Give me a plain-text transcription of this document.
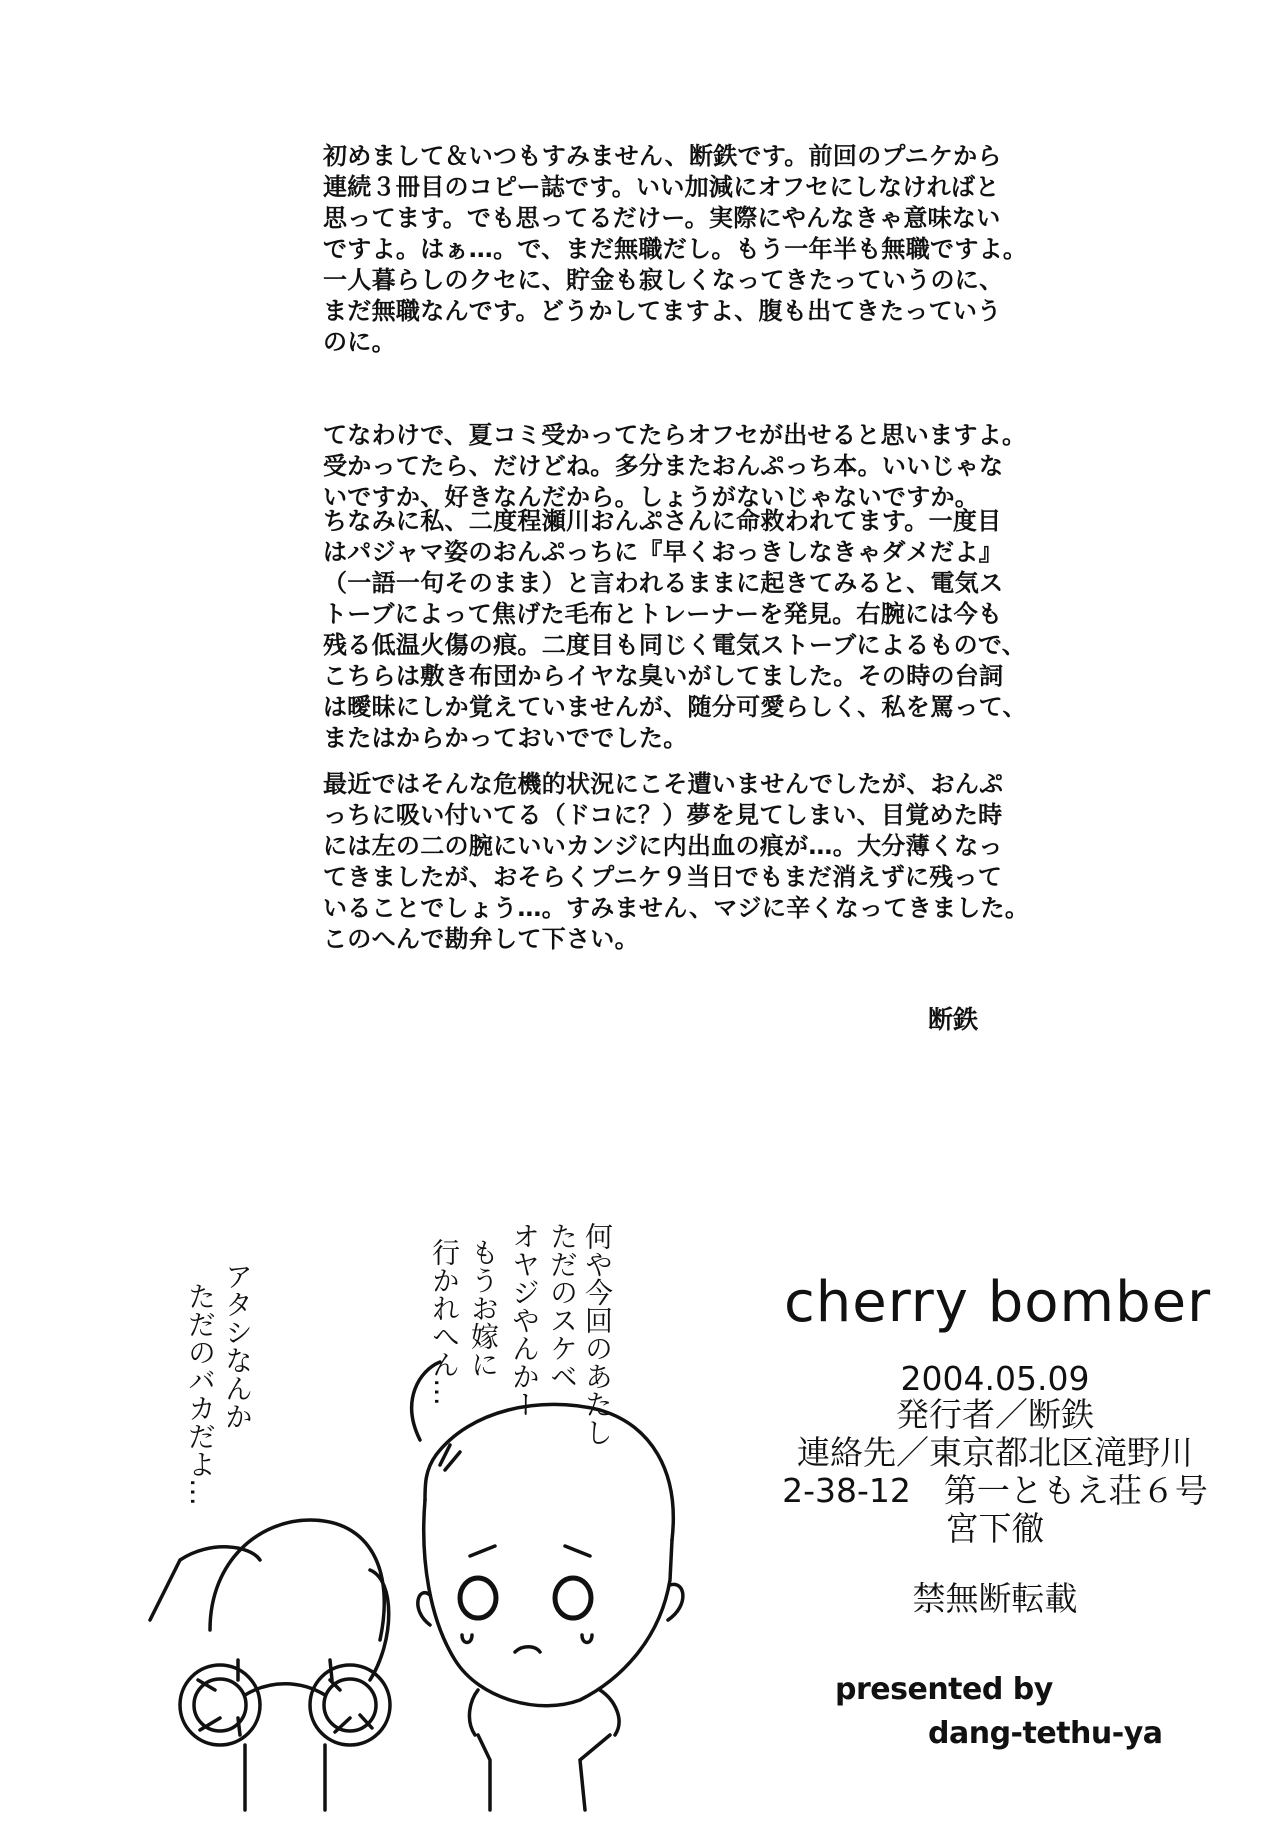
初めまして＆いつもすみません、断鉄です。前回のプニケから
連続３冊目のコピー誌です。いい加減にオフセにしなければと
思ってます。でも思ってるだけー。実際にやんなきゃ意味ない
ですよ。はぁ…。で、まだ無職だし。もう一年半も無職ですよ。
一人暮らしのクセに、貯金も寂しくなってきたっていうのに、
まだ無職なんです。どうかしてますよ、腹も出てきたっていう
のに。
てなわけで、夏コミ受かってたらオフセが出せると思いますよ。
受かってたら、だけどね。多分またおんぷっち本。いいじゃな
いですか、好きなんだから。しょうがないじゃないですか。
ちなみに私、二度程瀬川おんぷさんに命救われてます。一度目
はパジャマ姿のおんぷっちに『早くおっきしなきゃダメだよ』
（一語一句そのまま）と言われるままに起きてみると、電気ス
トーブによって焦げた毛布とトレーナーを発見。右腕には今も
残る低温火傷の痕。二度目も同じく電気ストーブによるもので、
こちらは敷き布団からイヤな臭いがしてました。その時の台詞
は曖昧にしか覚えていませんが、随分可愛らしく、私を罵って、
またはからかっておいででした。
最近ではそんな危機的状況にこそ遭いませんでしたが、おんぷ
っちに吸い付いてる（ドコに？）夢を見てしまい、目覚めた時
には左の二の腕にいいカンジに内出血の痕が…。大分薄くなっ
てきましたが、おそらくプニケ９当日でもまだ消えずに残って
いることでしょう…。すみません、マジに辛くなってきました。
このへんで勘弁して下さい。
断鉄
何や今回のあたし
ただのスケベ
オヤジやんかー
もうお嫁に
行かれへん…
アタシなんか
ただのバカだよ…	cherry bomber
2004.05.09
発行者／断鉄
連絡先／東京都北区滝野川
2-38-12　第一ともえ荘６号
宮下徹
禁無断転載
presented by
dang-tethu-ya
